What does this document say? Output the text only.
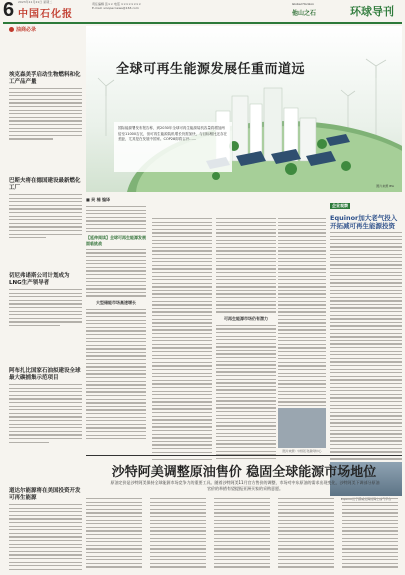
6 2023年11月21日 星期二
中国石化报
责任编辑 张×× 电话 ××××××××
E-mail: sinopecnews@163.com
Global Horizon
他山之石	环球导刊
油商必录
埃克森美孚启动生物燃料和化工产品产量
巴斯夫将在德国建设最新燃化工厂
切尼弗诺斯公司计划成为LNG生产领导者
阿布扎比国家石油拟建设全球最大碳捕集示范项目
道达尔能源将在美国投资开发可再生能源
全球可再生能源发展任重而道远
国际能源署发布报告称，到2030年全球可再生能源装机容量将增加两倍至11000吉瓦，但可再生能源装机增长仍需加快，与目标相比还存在差距，尤其是在发展中国家。COP28即将召开……
图片来源 IEA
■ 吴 楠 编译
【延伸阅读】全球可再生能源发展面临挑战
大型储能市场高速增长
可再生能源市场仍有潜力
图片来源：中国石化新闻中心
企业观察
Equinor加大老气投入开拓减可再生能源投资
沙特阿美调整原油售价 稳固全球能源市场地位
原油定价是沙特阿美保持全球能源市场竞争力的重要工具。随着沙特阿美11月官方售价的调整，市场对中东原油的需求出现变化，沙特阿美下调部分原油官价的举措有望提振亚洲买家的采购意愿。
